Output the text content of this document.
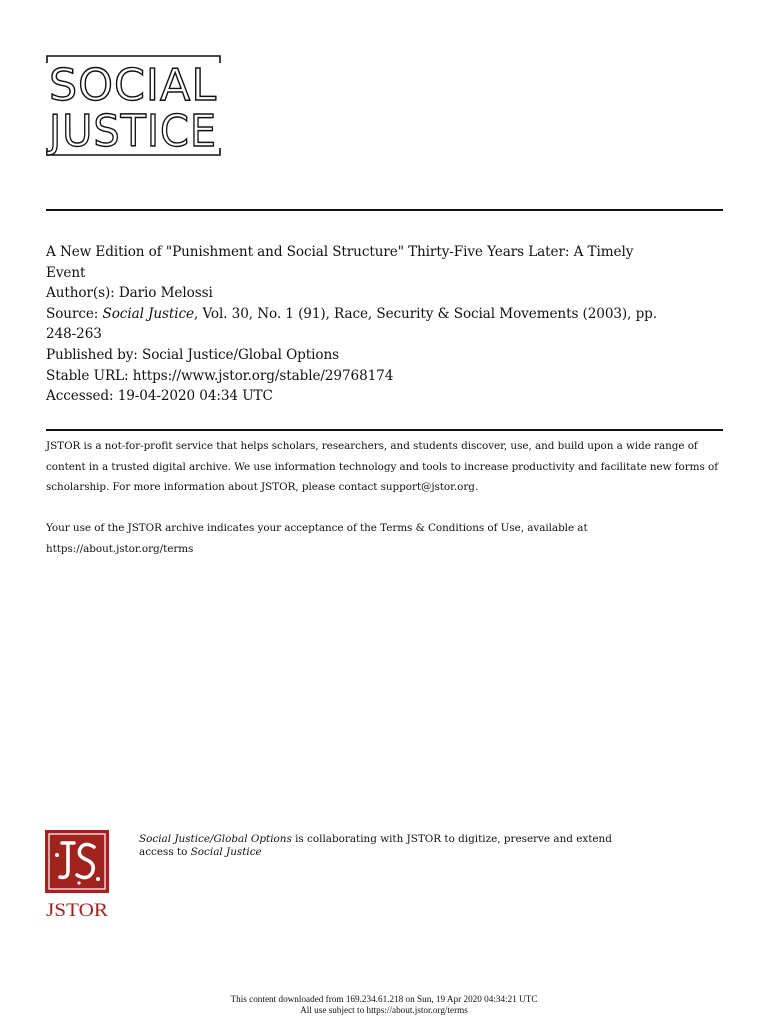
SOCIAL
JUSTICE
A New Edition of "Punishment and Social Structure" Thirty-Five Years Later: A Timely
Event
Author(s): Dario Melossi
Source: Social Justice, Vol. 30, No. 1 (91), Race, Security & Social Movements (2003), pp.
248-263
Published by: Social Justice/Global Options
Stable URL: https://www.jstor.org/stable/29768174
Accessed: 19-04-2020 04:34 UTC
JSTOR is a not-for-profit service that helps scholars, researchers, and students discover, use, and build upon a wide range of content in a trusted digital archive. We use information technology and tools to increase productivity and facilitate new forms of scholarship. For more information about JSTOR, please contact support@jstor.org.
Your use of the JSTOR archive indicates your acceptance of the Terms & Conditions of Use, available at
https://about.jstor.org/terms
JSTOR
Social Justice/Global Options is collaborating with JSTOR to digitize, preserve and extend
access to Social Justice
This content downloaded from 169.234.61.218 on Sun, 19 Apr 2020 04:34:21 UTC
All use subject to https://about.jstor.org/terms
